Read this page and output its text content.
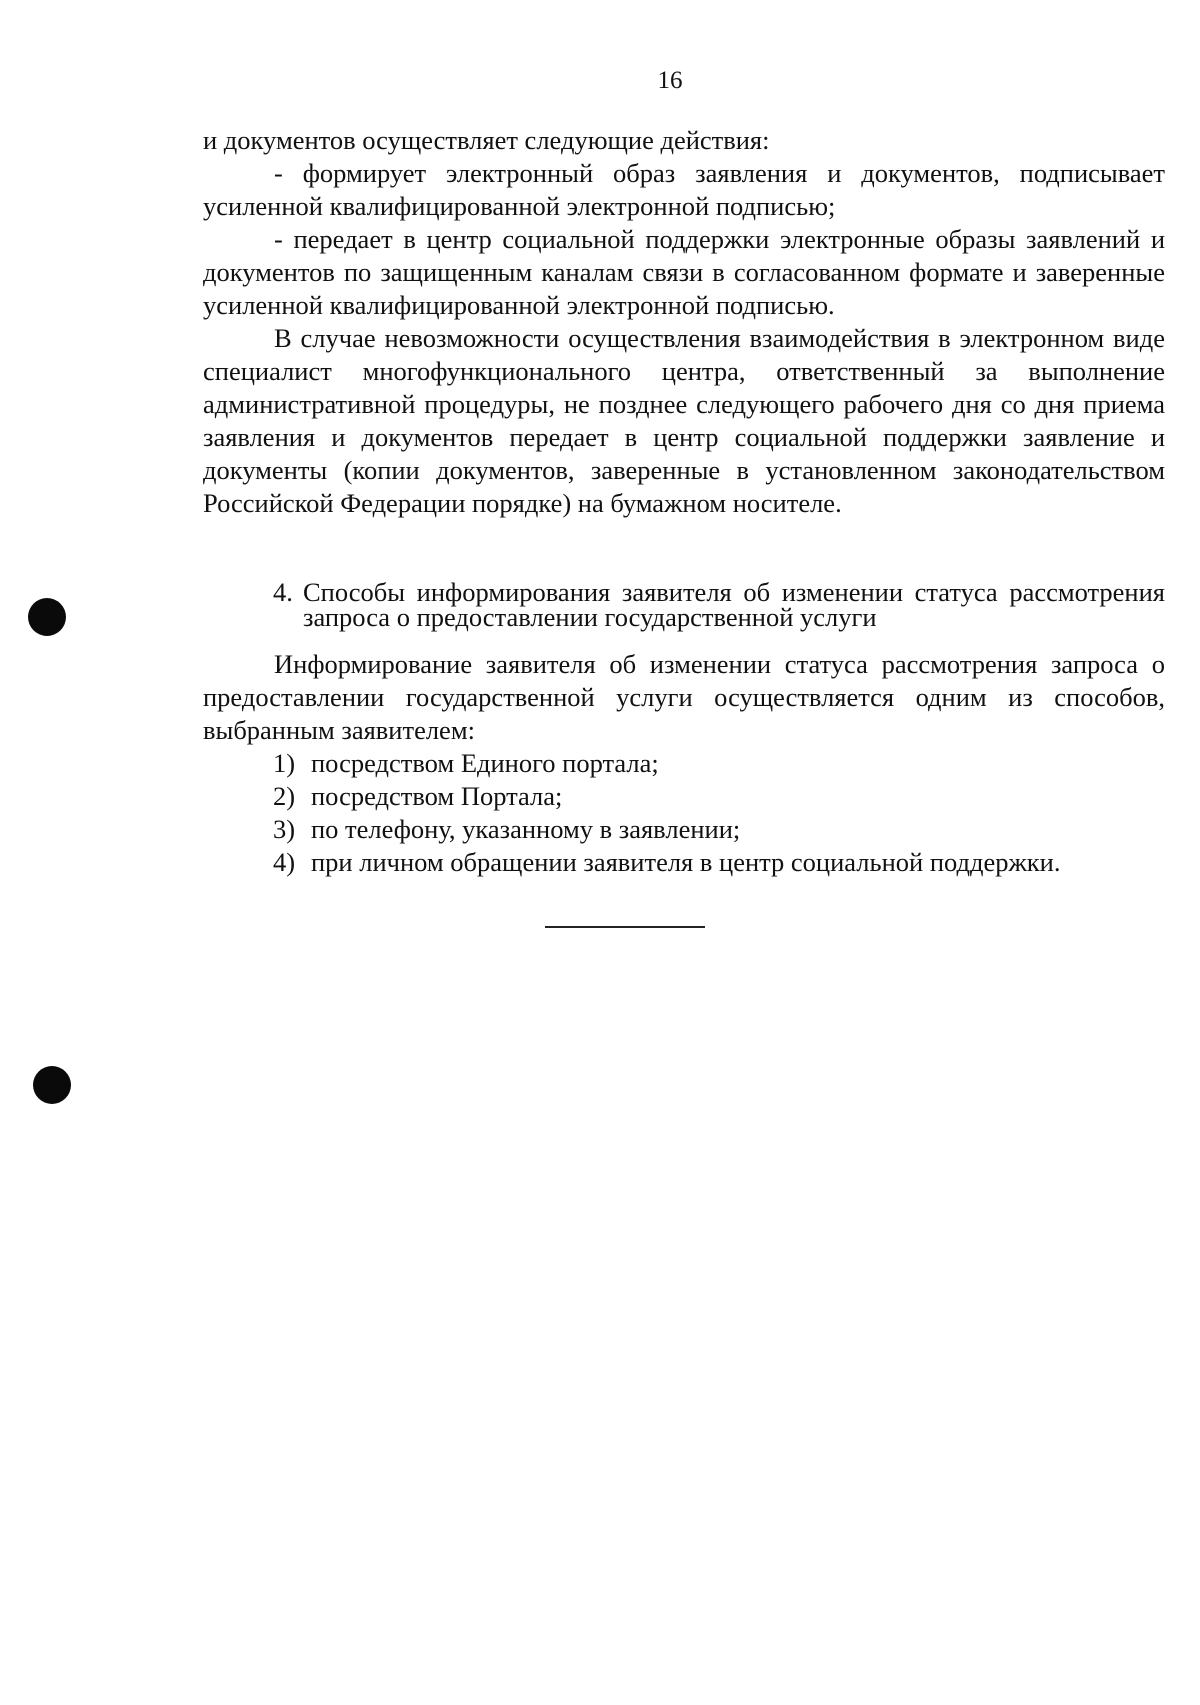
16

и документов осуществляет следующие действия:

- формирует электронный образ заявления и документов, подписывает усиленной квалифицированной электронной подписью;

- передает в центр социальной поддержки электронные образы заявлений и документов по защищенным каналам связи в согласованном формате и заверенные усиленной квалифицированной электронной подписью.

В случае невозможности осуществления взаимодействия в электронном виде специалист многофункционального центра, ответственный за выполнение административной процедуры, не позднее следующего рабочего дня со дня приема заявления и документов передает в центр социальной поддержки заявление и документы (копии документов, заверенные в установленном законодательством Российской Федерации порядке) на бумажном носителе.

4. Способы информирования заявителя об изменении статуса рассмотрения запроса о предоставлении государственной услуги

Информирование заявителя об изменении статуса рассмотрения запроса о предоставлении государственной услуги осуществляется одним из способов, выбранным заявителем:

1) посредством Единого портала;
2) посредством Портала;
3) по телефону, указанному в заявлении;
4) при личном обращении заявителя в центр социальной поддержки.
